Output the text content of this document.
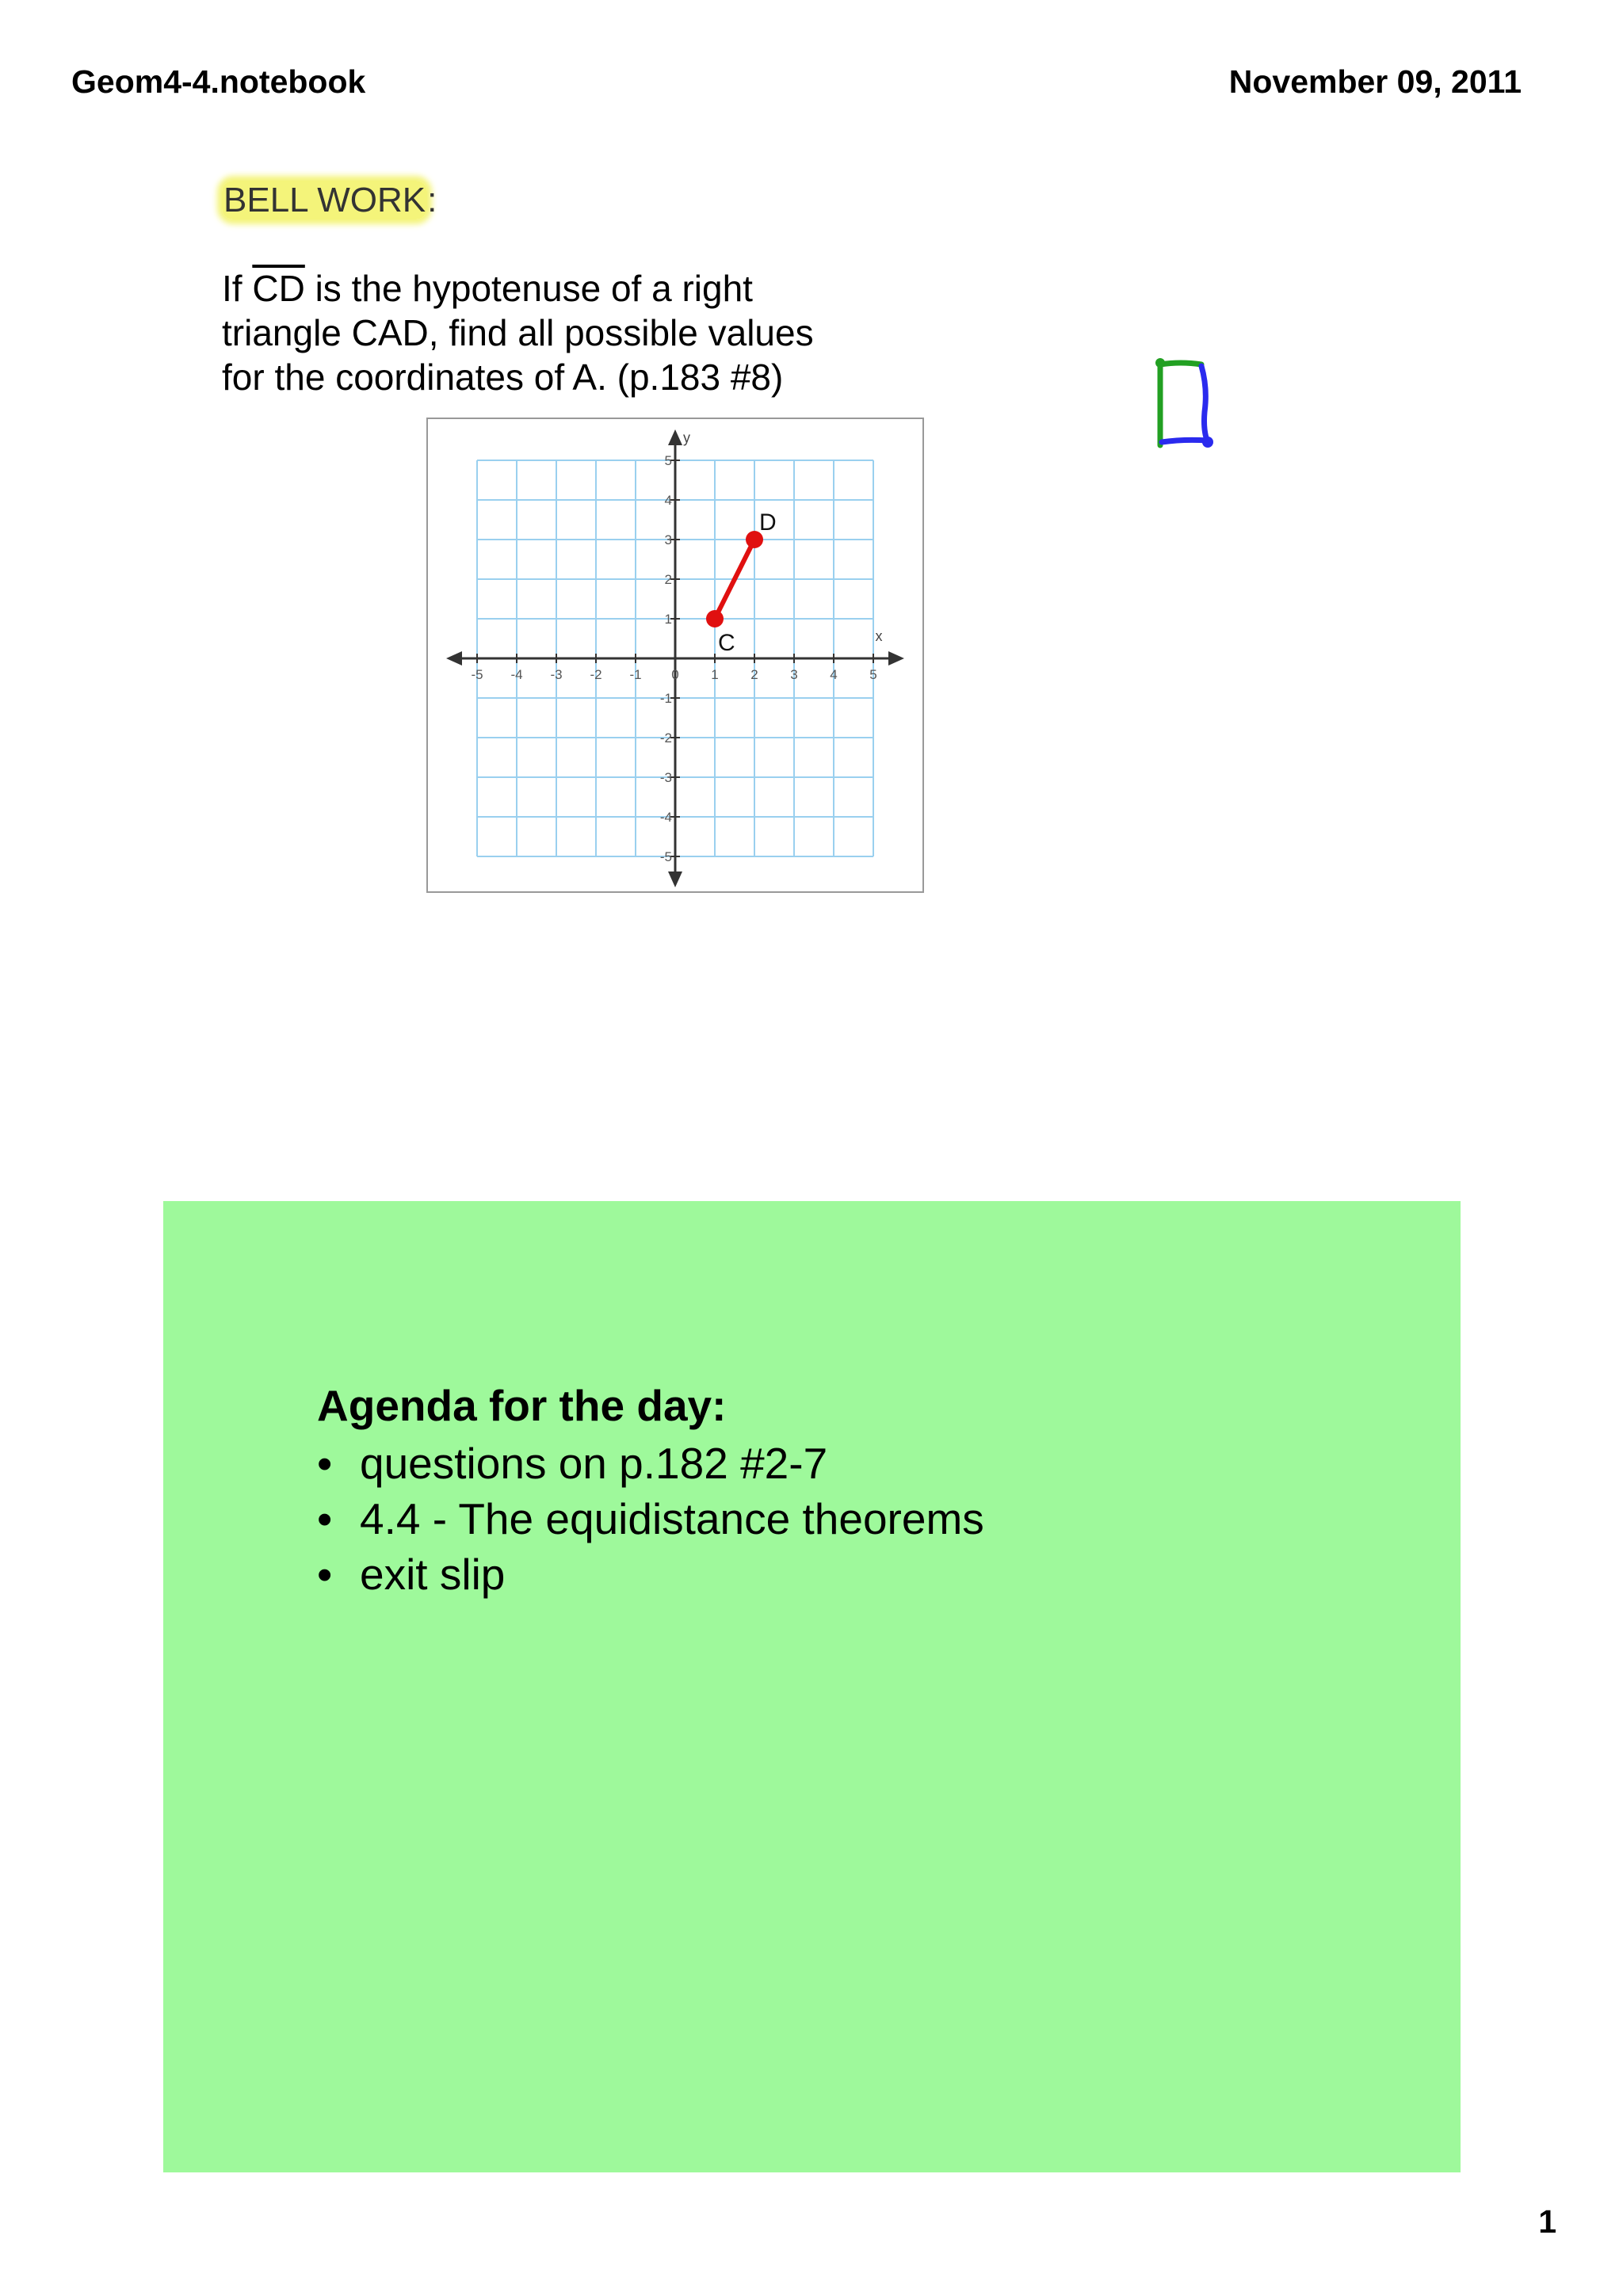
Geom4-4.notebook	November 09, 2011
BELL WORK:
If $\overline{CD}$ is the hypotenuse of a right
triangle CAD, find all possible values
for the coordinates of A. (p.183 #8)
x
y
-5 -4 -3 -2 -1 0 1 2 3 4 5
5
4
3
2
1
-1
-2
-3
-4
-5
C
D
Agenda for the day:
• questions on p.182 #2-7
• 4.4 - The equidistance theorems
• exit slip
1
